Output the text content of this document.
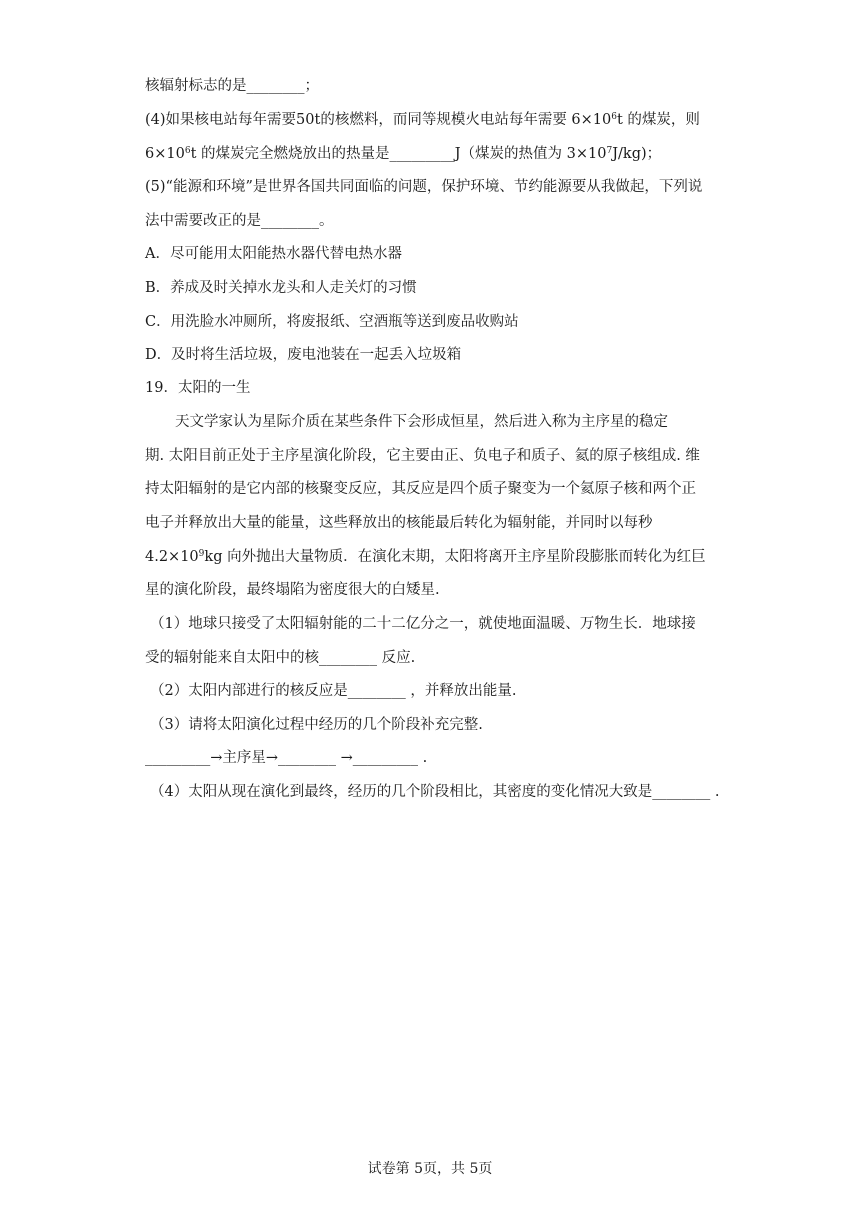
核辐射标志的是________；
(4)如果核电站每年需要50t的核燃料，而同等规模火电站每年需要 $6\times 10^6t$ 的煤炭，则
$6\times 10^6t$ 的煤炭完全燃烧放出的热量是_________J（煤炭的热值为 $3\times 10^7J/kg$)；
(5)“能源和环境”是世界各国共同面临的问题，保护环境、节约能源要从我做起，下列说
法中需要改正的是________。
A．尽可能用太阳能热水器代替电热水器
B．养成及时关掉水龙头和人走关灯的习惯
C．用洗脸水冲厕所，将废报纸、空酒瓶等送到废品收购站
D．及时将生活垃圾，废电池装在一起丢入垃圾箱
19．太阳的一生
天文学家认为星际介质在某些条件下会形成恒星，然后进入称为主序星的稳定
期. 太阳目前正处于主序星演化阶段，它主要由正、负电子和质子、氦的原子核组成. 维
持太阳辐射的是它内部的核聚变反应，其反应是四个质子聚变为一个氦原子核和两个正
电子并释放出大量的能量，这些释放出的核能最后转化为辐射能，并同时以每秒
$4.2\times 10^9kg$ 向外抛出大量物质．在演化末期，太阳将离开主序星阶段膨胀而转化为红巨
星的演化阶段，最终塌陷为密度很大的白矮星.
（1）地球只接受了太阳辐射能的二十二亿分之一，就使地面温暖、万物生长．地球接
受的辐射能来自太阳中的核________ 反应.
（2）太阳内部进行的核反应是________ ，并释放出能量.
（3）请将太阳演化过程中经历的几个阶段补充完整.
_________→主序星→________ →_________ .
（4）太阳从现在演化到最终，经历的几个阶段相比，其密度的变化情况大致是________ .
试卷第 5页，共 5页
